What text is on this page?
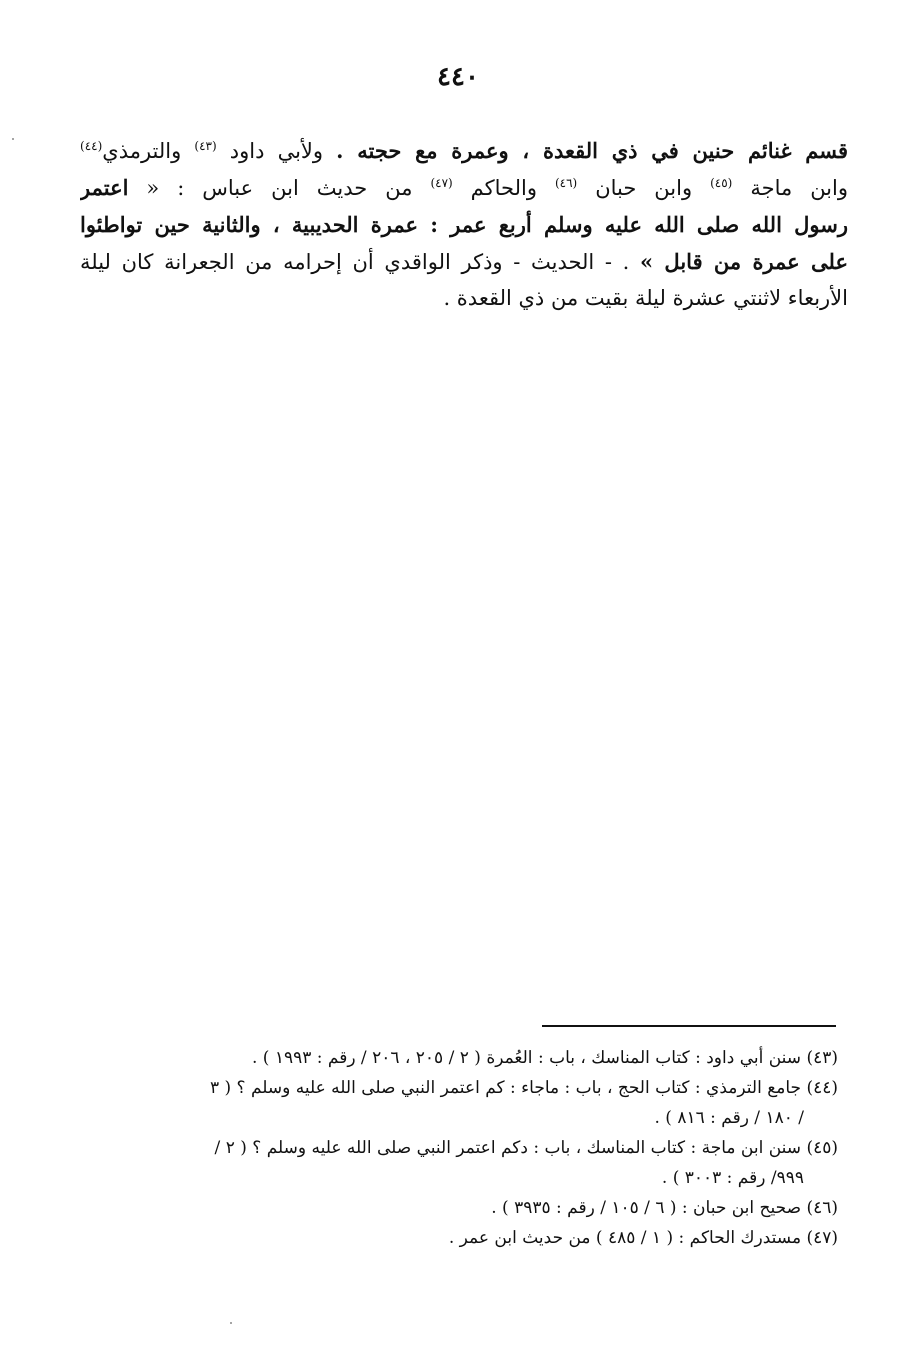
٤٤٠
قسم غنائم حنين في ذي القعدة ، وعمرة مع حجته . ولأبي داود $^{(٤٣)}$ والترمذي$^{(٤٤)}$
وابن ماجة $^{(٤٥)}$ وابن حبان $^{(٤٦)}$ والحاكم $^{(٤٧)}$ من حديث ابن عباس : « اعتمر
رسول الله صلى الله عليه وسلم أربع عمر : عمرة الحديبية ، والثانية حين تواطئوا
على عمرة من قابل » . - الحديث - وذكر الواقدي أن إحرامه من الجعرانة كان ليلة
الأربعاء لاثنتي عشرة ليلة بقيت من ذي القعدة .
(٤٣) سنن أبي داود : كتاب المناسك ، باب : العُمرة ( ٢ / ٢٠٥ ، ٢٠٦ / رقم : ١٩٩٣ ) .
(٤٤) جامع الترمذي : كتاب الحج ، باب : ماجاء : كم اعتمر النبي صلى الله عليه وسلم ؟ ( ٣
/ ١٨٠ / رقم : ٨١٦ ) .
(٤٥) سنن ابن ماجة : كتاب المناسك ، باب : دكم اعتمر النبي صلى الله عليه وسلم ؟ ( ٢ /
٩٩٩/ رقم : ٣٠٠٣ ) .
(٤٦) صحيح ابن حبان : ( ٦ / ١٠٥ / رقم : ٣٩٣٥ ) .
(٤٧) مستدرك الحاكم : ( ١ / ٤٨٥ ) من حديث ابن عمر .
